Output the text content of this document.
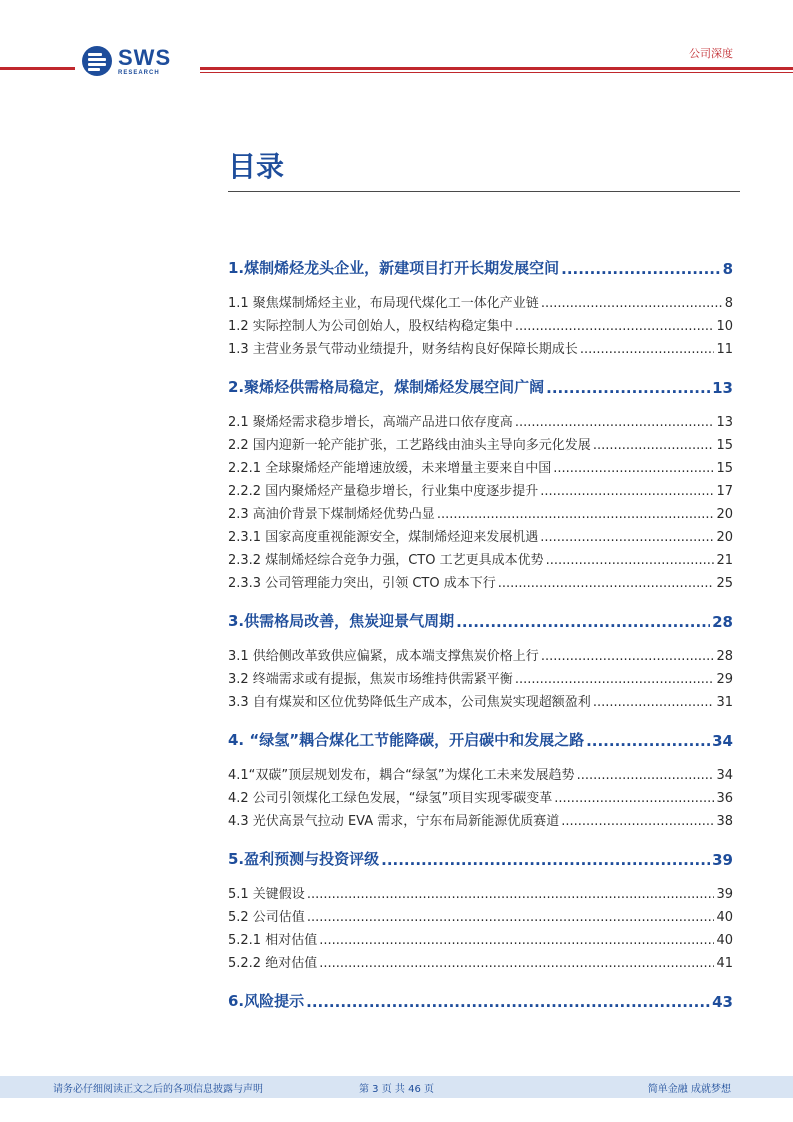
SWS
RESEARCH
公司深度
目录
1.煤制烯烃龙头企业，新建项目打开长期发展空间 .....	8
1.1 聚焦煤制烯烃主业，布局现代煤化工一体化产业链 .....	8
1.2 实际控制人为公司创始人，股权结构稳定集中 .....	10
1.3 主营业务景气带动业绩提升，财务结构良好保障长期成长 .....	11
2.聚烯烃供需格局稳定，煤制烯烃发展空间广阔 .....	13
2.1 聚烯烃需求稳步增长，高端产品进口依存度高 .....	13
2.2 国内迎新一轮产能扩张，工艺路线由油头主导向多元化发展 .....	15
2.2.1 全球聚烯烃产能增速放缓，未来增量主要来自中国 .....	15
2.2.2 国内聚烯烃产量稳步增长，行业集中度逐步提升 .....	17
2.3 高油价背景下煤制烯烃优势凸显 .....	20
2.3.1 国家高度重视能源安全，煤制烯烃迎来发展机遇 .....	20
2.3.2 煤制烯烃综合竞争力强，CTO 工艺更具成本优势 .....	21
2.3.3 公司管理能力突出，引领 CTO 成本下行 .....	25
3.供需格局改善，焦炭迎景气周期 .....	28
3.1 供给侧改革致供应偏紧，成本端支撑焦炭价格上行 .....	28
3.2 终端需求或有提振，焦炭市场维持供需紧平衡 .....	29
3.3 自有煤炭和区位优势降低生产成本，公司焦炭实现超额盈利 .....	31
4. “绿氢”耦合煤化工节能降碳，开启碳中和发展之路 .....	34
4.1“双碳”顶层规划发布，耦合“绿氢”为煤化工未来发展趋势 .....	34
4.2 公司引领煤化工绿色发展，“绿氢”项目实现零碳变革 .....	36
4.3 光伏高景气拉动 EVA 需求，宁东布局新能源优质赛道 .....	38
5.盈利预测与投资评级 .....	39
5.1 关键假设 .....	39
5.2 公司估值 .....	40
5.2.1 相对估值 .....	40
5.2.2 绝对估值 .....	41
6.风险提示 .....	43
请务必仔细阅读正文之后的各项信息披露与声明	第 3 页 共 46 页	简单金融 成就梦想
